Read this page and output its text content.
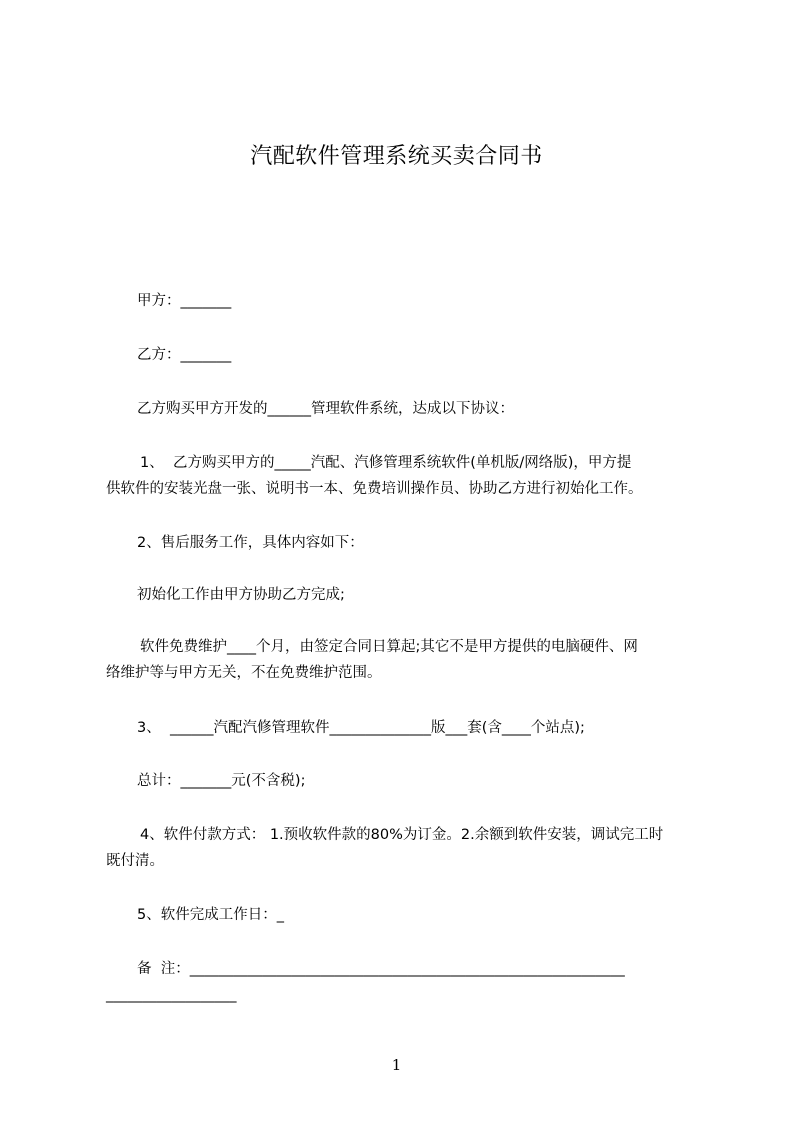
汽配软件管理系统买卖合同书
甲方：_______
乙方：_______
乙方购买甲方开发的______管理软件系统，达成以下协议：
1、  乙方购买甲方的_____汽配、汽修管理系统软件(单机版/网络版)，甲方提
供软件的安装光盘一张、说明书一本、免费培训操作员、协助乙方进行初始化工作。
2、售后服务工作，具体内容如下：
初始化工作由甲方协助乙方完成;
软件免费维护____个月，由签定合同日算起;其它不是甲方提供的电脑硬件、网
络维护等与甲方无关，不在免费维护范围。
3、  ______汽配汽修管理软件______________版___套(含____个站点);
总计：_______元(不含税);
4、软件付款方式： 1.预收软件款的80%为订金。2.余额到软件安装，调试完工时
既付清。
5、软件完成工作日：_
备  注：____________________________________________________________
__________________
1
